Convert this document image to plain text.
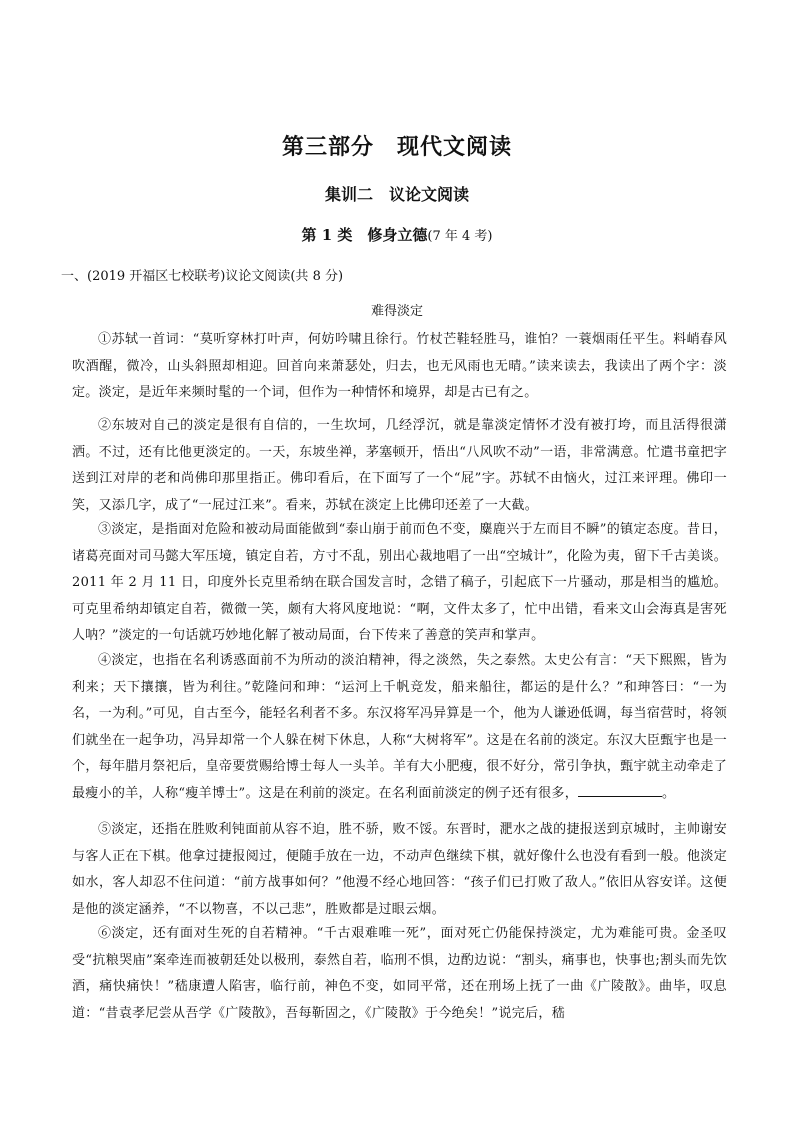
第三部分　现代文阅读
集训二　议论文阅读
第 1 类　修身立德(7 年 4 考)
一、(2019 开福区七校联考)议论文阅读(共 8 分)
难得淡定

①苏轼一首词：“莫听穿林打叶声，何妨吟啸且徐行。竹杖芒鞋轻胜马，谁怕？一蓑烟雨任平生。料峭春风吹酒醒，微冷，山头斜照却相迎。回首向来萧瑟处，归去，也无风雨也无晴。”读来读去，我读出了两个字：淡定。淡定，是近年来频时髦的一个词，但作为一种情怀和境界，却是古已有之。

②东坡对自己的淡定是很有自信的，一生坎坷，几经浮沉，就是靠淡定情怀才没有被打垮，而且活得很潇洒。不过，还有比他更淡定的。一天，东坡坐禅，茅塞顿开，悟出“八风吹不动”一语，非常满意。忙遣书童把字送到江对岸的老和尚佛印那里指正。佛印看后，在下面写了一个“屁”字。苏轼不由恼火，过江来评理。佛印一笑，又添几字，成了“一屁过江来”。看来，苏轼在淡定上比佛印还差了一大截。

③淡定，是指面对危险和被动局面能做到“泰山崩于前而色不变，麋鹿兴于左而目不瞬”的镇定态度。昔日，诸葛亮面对司马懿大军压境，镇定自若，方寸不乱，别出心裁地唱了一出“空城计”，化险为夷，留下千古美谈。2011 年 2 月 11 日，印度外长克里希纳在联合国发言时，念错了稿子，引起底下一片骚动，那是相当的尴尬。可克里希纳却镇定自若，微微一笑，颇有大将风度地说：“啊，文件太多了，忙中出错，看来文山会海真是害死人呐？”淡定的一句话就巧妙地化解了被动局面，台下传来了善意的笑声和掌声。

④淡定，也指在名利诱惑面前不为所动的淡泊精神，得之淡然，失之泰然。太史公有言：“天下熙熙，皆为利来；天下攘攘，皆为利往。”乾隆问和珅：“运河上千帆竞发，船来船往，都运的是什么？”和珅答曰：“一为名，一为利。”可见，自古至今，能轻名利者不多。东汉将军冯异算是一个，他为人谦逊低调，每当宿营时，将领们就坐在一起争功，冯异却常一个人躲在树下休息，人称“大树将军”。这是在名前的淡定。东汉大臣甄宇也是一个，每年腊月祭祀后，皇帝要赏赐给博士每人一头羊。羊有大小肥瘦，很不好分，常引争执，甄宇就主动牵走了最瘦小的羊，人称“瘦羊博士”。这是在利前的淡定。在名利面前淡定的例子还有很多，	。

⑤淡定，还指在胜败利钝面前从容不迫，胜不骄，败不馁。东晋时，淝水之战的捷报送到京城时，主帅谢安与客人正在下棋。他拿过捷报阅过，便随手放在一边，不动声色继续下棋，就好像什么也没有看到一般。他淡定如水，客人却忍不住问道：“前方战事如何？”他漫不经心地回答：“孩子们已打败了敌人。”依旧从容安详。这便是他的淡定涵养，“不以物喜，不以己悲”，胜败都是过眼云烟。

⑥淡定，还有面对生死的自若精神。“千古艰难唯一死”，面对死亡仍能保持淡定，尤为难能可贵。金圣叹受“抗粮哭庙”案牵连而被朝廷处以极刑，泰然自若，临刑不惧，边酌边说：“割头，痛事也，快事也;割头而先饮酒，痛快痛快！”嵇康遭人陷害，临行前，神色不变，如同平常，还在刑场上抚了一曲《广陵散》。曲毕，叹息道：“昔袁孝尼尝从吾学《广陵散》，吾每靳固之，《广陵散》于今绝矣！”说完后，嵇
